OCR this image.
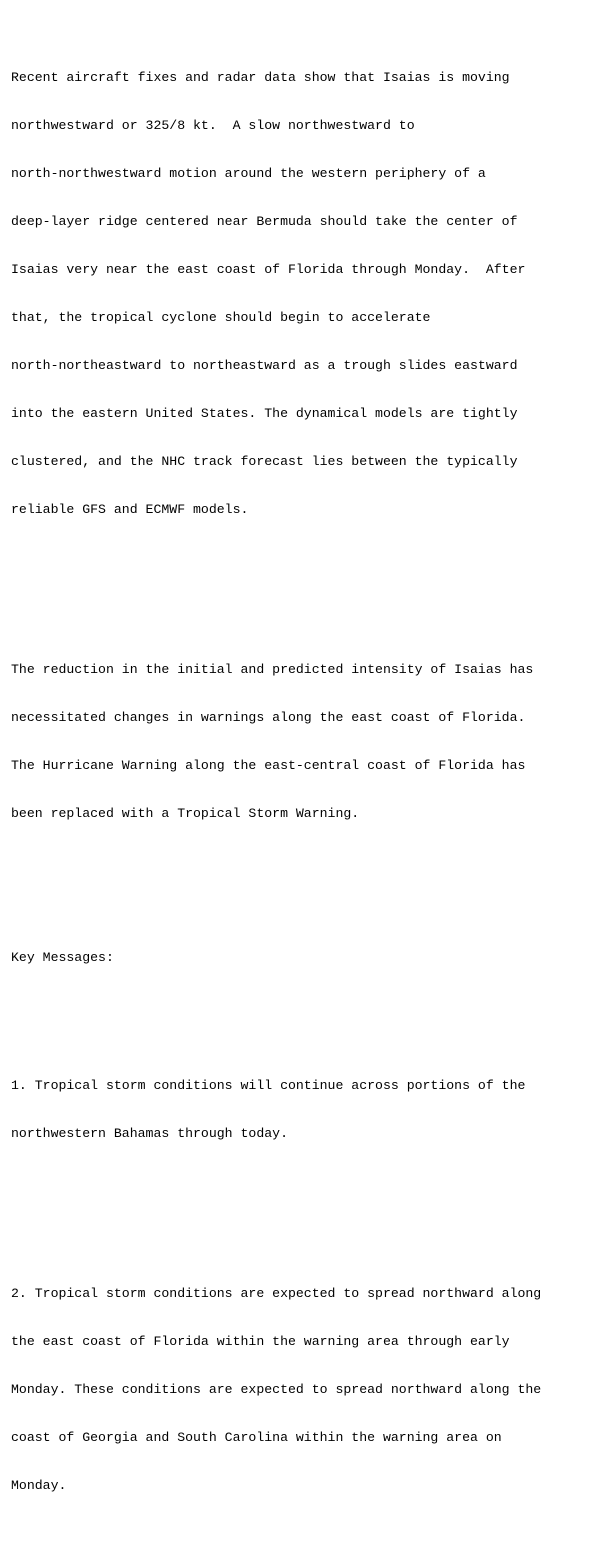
Recent aircraft fixes and radar data show that Isaias is moving

northwestward or 325/8 kt.  A slow northwestward to

north-northwestward motion around the western periphery of a

deep-layer ridge centered near Bermuda should take the center of

Isaias very near the east coast of Florida through Monday.  After

that, the tropical cyclone should begin to accelerate

north-northeastward to northeastward as a trough slides eastward

into the eastern United States. The dynamical models are tightly

clustered, and the NHC track forecast lies between the typically

reliable GFS and ECMWF models.

The reduction in the initial and predicted intensity of Isaias has

necessitated changes in warnings along the east coast of Florida.

The Hurricane Warning along the east-central coast of Florida has

been replaced with a Tropical Storm Warning.

Key Messages:

1. Tropical storm conditions will continue across portions of the

northwestern Bahamas through today.

2. Tropical storm conditions are expected to spread northward along

the east coast of Florida within the warning area through early

Monday. These conditions are expected to spread northward along the

coast of Georgia and South Carolina within the warning area on

Monday.
